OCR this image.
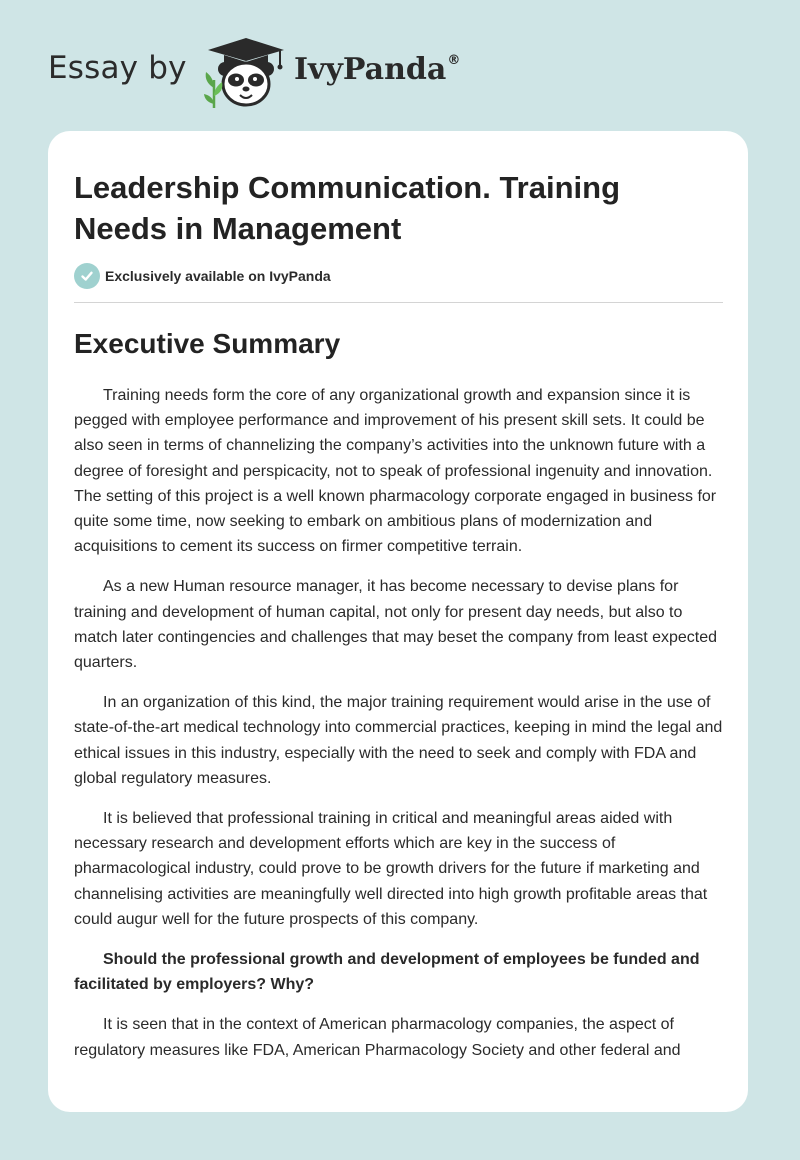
Essay by	IvyPanda®
Leadership Communication. Training Needs in Management
Exclusively available on IvyPanda
Executive Summary

Training needs form the core of any organizational growth and expansion since it is pegged with employee performance and improvement of his present skill sets. It could be also seen in terms of channelizing the company’s activities into the unknown future with a degree of foresight and perspicacity, not to speak of professional ingenuity and innovation. The setting of this project is a well known pharmacology corporate engaged in business for quite some time, now seeking to embark on ambitious plans of modernization and acquisitions to cement its success on firmer competitive terrain.

As a new Human resource manager, it has become necessary to devise plans for training and development of human capital, not only for present day needs, but also to match later contingencies and challenges that may beset the company from least expected quarters.

In an organization of this kind, the major training requirement would arise in the use of state-of-the-art medical technology into commercial practices, keeping in mind the legal and ethical issues in this industry, especially with the need to seek and comply with FDA and global regulatory measures.

It is believed that professional training in critical and meaningful areas aided with necessary research and development efforts which are key in the success of pharmacological industry, could prove to be growth drivers for the future if marketing and channelising activities are meaningfully well directed into high growth profitable areas that could augur well for the future prospects of this company.

Should the professional growth and development of employees be funded and facilitated by employers? Why?

It is seen that in the context of American pharmacology companies, the aspect of regulatory measures like FDA, American Pharmacology Society and other federal and
